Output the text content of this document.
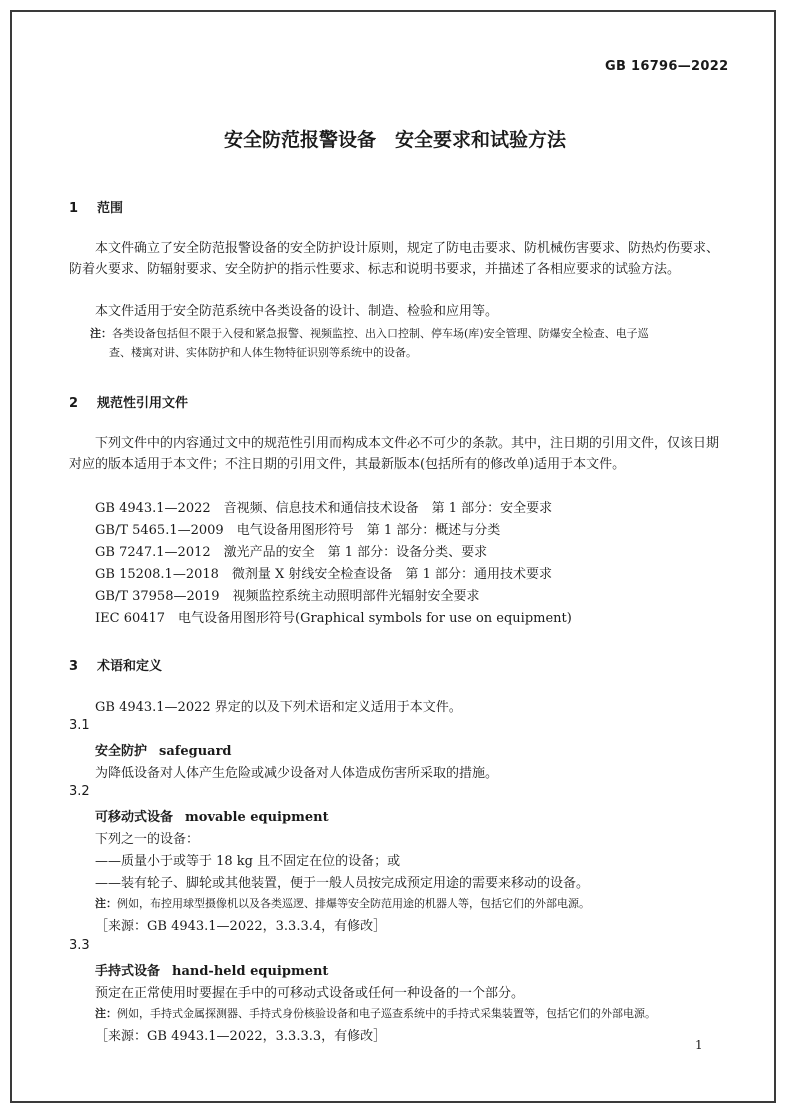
GB 16796—2022
安全防范报警设备　安全要求和试验方法
1 范围
本文件确立了安全防范报警设备的安全防护设计原则，规定了防电击要求、防机械伤害要求、防热灼伤要求、防着火要求、防辐射要求、安全防护的指示性要求、标志和说明书要求，并描述了各相应要求的试验方法。
本文件适用于安全防范系统中各类设备的设计、制造、检验和应用等。
注：各类设备包括但不限于入侵和紧急报警、视频监控、出入口控制、停车场(库)安全管理、防爆安全检查、电子巡
查、楼寓对讲、实体防护和人体生物特征识别等系统中的设备。
2 规范性引用文件
下列文件中的内容通过文中的规范性引用而构成本文件必不可少的条款。其中，注日期的引用文件，仅该日期对应的版本适用于本文件；不注日期的引用文件，其最新版本(包括所有的修改单)适用于本文件。
GB 4943.1—2022　音视频、信息技术和通信技术设备　第 1 部分：安全要求
GB/T 5465.1—2009　电气设备用图形符号　第 1 部分：概述与分类
GB 7247.1—2012　激光产品的安全　第 1 部分：设备分类、要求
GB 15208.1—2018　微剂量 X 射线安全检查设备　第 1 部分：通用技术要求
GB/T 37958—2019　视频监控系统主动照明部件光辐射安全要求
IEC 60417　电气设备用图形符号(Graphical symbols for use on equipment)
3 术语和定义
GB 4943.1—2022 界定的以及下列术语和定义适用于本文件。
3.1
安全防护 safeguard
为降低设备对人体产生危险或减少设备对人体造成伤害所采取的措施。
3.2
可移动式设备 movable equipment
下列之一的设备：
——质量小于或等于 18 kg 且不固定在位的设备；或
——装有轮子、脚轮或其他装置，便于一般人员按完成预定用途的需要来移动的设备。
注：例如，布控用球型摄像机以及各类巡逻、排爆等安全防范用途的机器人等，包括它们的外部电源。
［来源：GB 4943.1—2022，3.3.3.4，有修改］
3.3
手持式设备 hand-held equipment
预定在正常使用时要握在手中的可移动式设备或任何一种设备的一个部分。
注：例如，手持式金属探测器、手持式身份核验设备和电子巡查系统中的手持式采集装置等，包括它们的外部电源。
［来源：GB 4943.1—2022，3.3.3.3，有修改］
1
